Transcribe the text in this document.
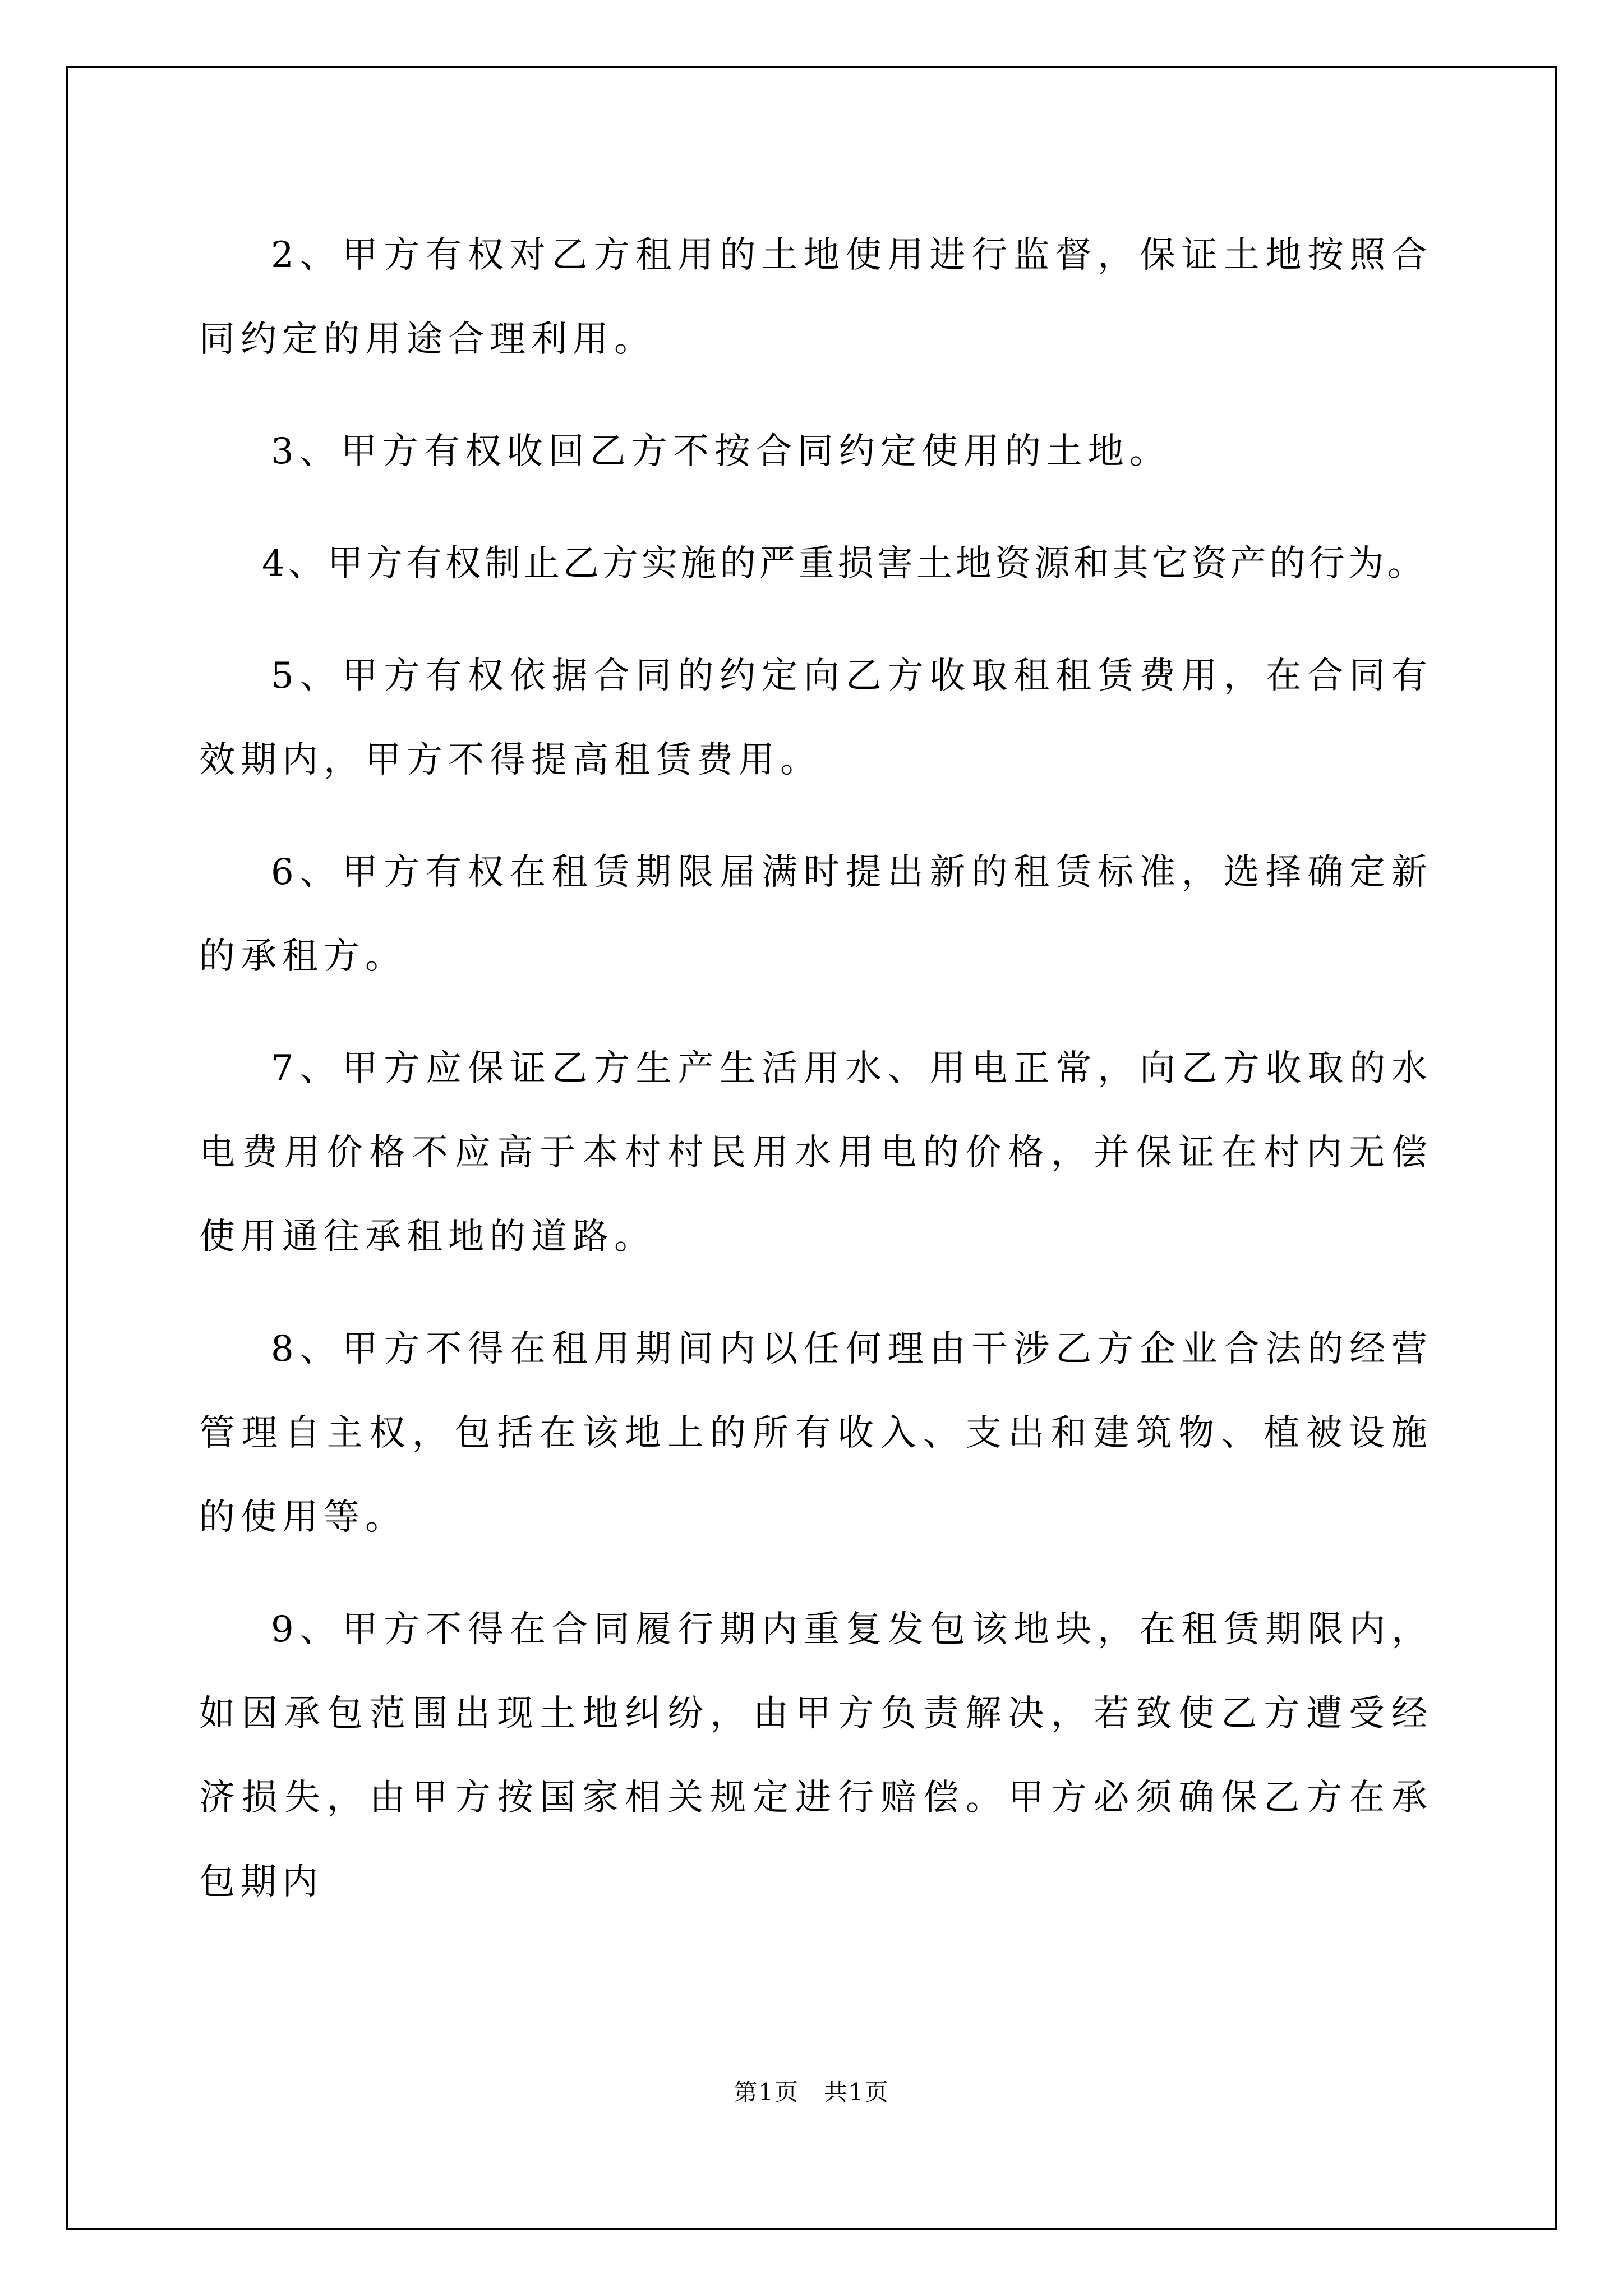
2、甲方有权对乙方租用的土地使用进行监督，保证土地按照合同约定的用途合理利用。

3、甲方有权收回乙方不按合同约定使用的土地。

4、甲方有权制止乙方实施的严重损害土地资源和其它资产的行为。

5、甲方有权依据合同的约定向乙方收取租租赁费用，在合同有效期内，甲方不得提高租赁费用。

6、甲方有权在租赁期限届满时提出新的租赁标准，选择确定新的承租方。

7、甲方应保证乙方生产生活用水、用电正常，向乙方收取的水电费用价格不应高于本村村民用水用电的价格，并保证在村内无偿使用通往承租地的道路。

8、甲方不得在租用期间内以任何理由干涉乙方企业合法的经营管理自主权，包括在该地上的所有收入、支出和建筑物、植被设施的使用等。

9、甲方不得在合同履行期内重复发包该地块，在租赁期限内，如因承包范围出现土地纠纷，由甲方负责解决，若致使乙方遭受经济损失，由甲方按国家相关规定进行赔偿。甲方必须确保乙方在承包期内

第1页　共1页
